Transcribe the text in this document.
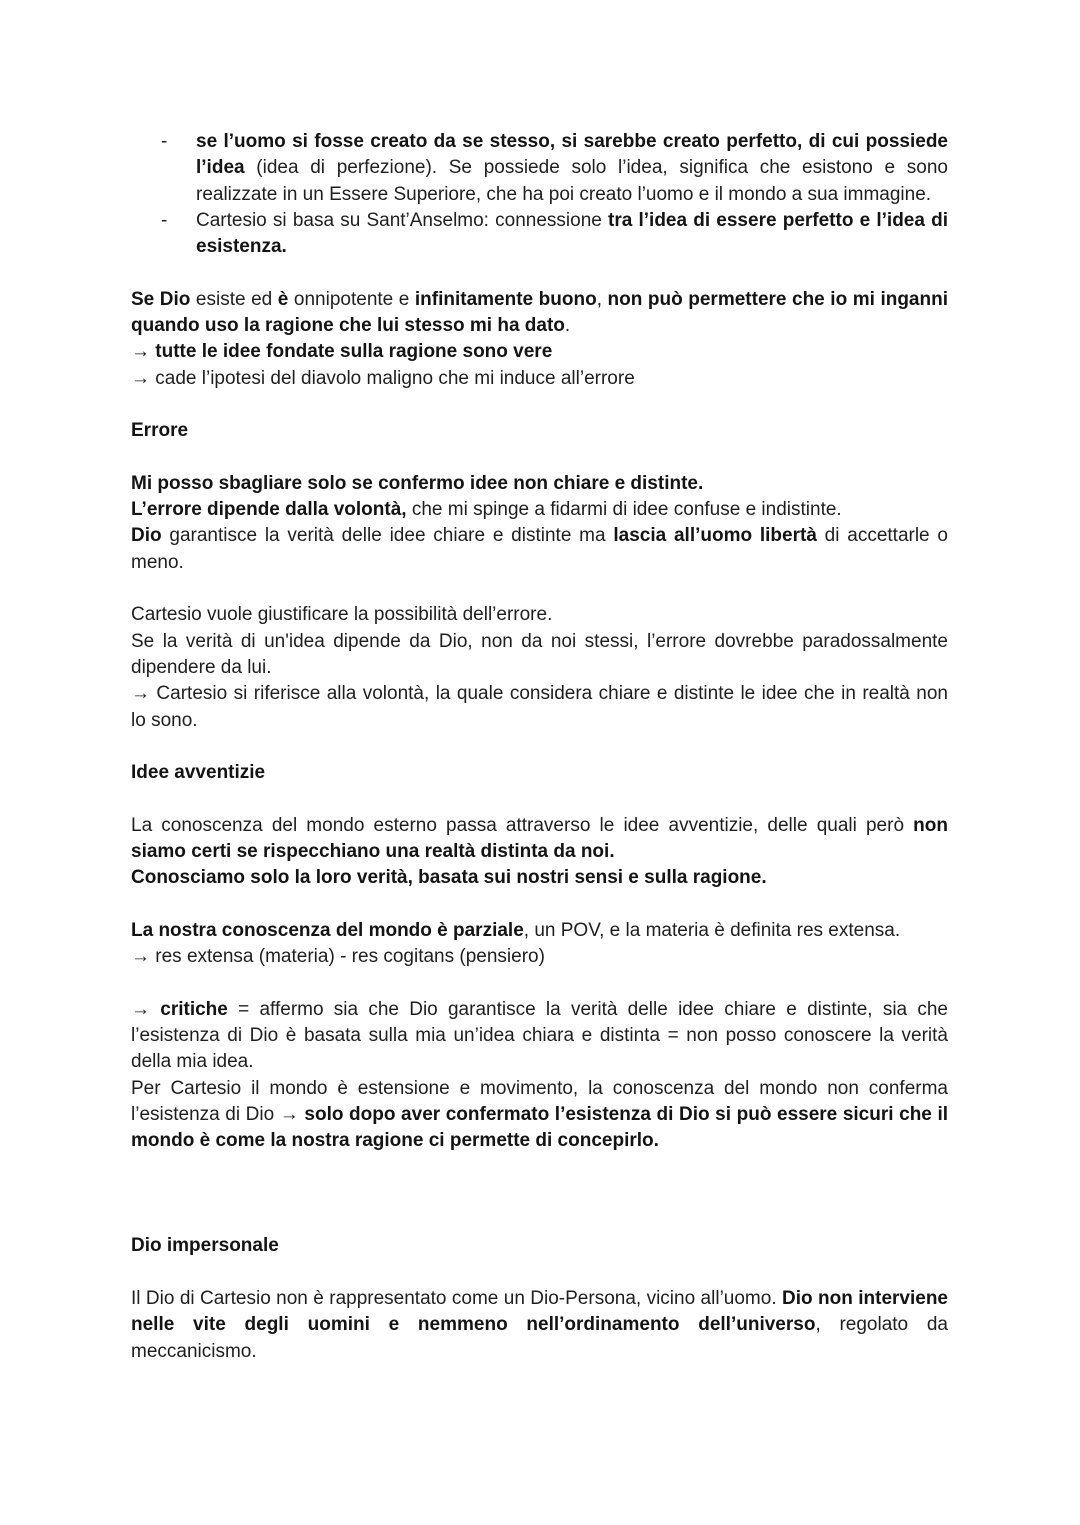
- se l’uomo si fosse creato da se stesso, si sarebbe creato perfetto, di cui possiede l’idea (idea di perfezione). Se possiede solo l’idea, significa che esistono e sono realizzate in un Essere Superiore, che ha poi creato l’uomo e il mondo a sua immagine.
- Cartesio si basa su Sant’Anselmo: connessione tra l’idea di essere perfetto e l’idea di esistenza.

Se Dio esiste ed è onnipotente e infinitamente buono, non può permettere che io mi inganni quando uso la ragione che lui stesso mi ha dato.

→ tutte le idee fondate sulla ragione sono vere

→ cade l’ipotesi del diavolo maligno che mi induce all’errore

Errore

Mi posso sbagliare solo se confermo idee non chiare e distinte.

L’errore dipende dalla volontà, che mi spinge a fidarmi di idee confuse e indistinte.

Dio garantisce la verità delle idee chiare e distinte ma lascia all’uomo libertà di accettarle o meno.

Cartesio vuole giustificare la possibilità dell’errore.

Se la verità di un'idea dipende da Dio, non da noi stessi, l’errore dovrebbe paradossalmente dipendere da lui.

→ Cartesio si riferisce alla volontà, la quale considera chiare e distinte le idee che in realtà non lo sono.

Idee avventizie

La conoscenza del mondo esterno passa attraverso le idee avventizie, delle quali però non siamo certi se rispecchiano una realtà distinta da noi.

Conosciamo solo la loro verità, basata sui nostri sensi e sulla ragione.

La nostra conoscenza del mondo è parziale, un POV, e la materia è definita res extensa.

→ res extensa (materia) - res cogitans (pensiero)

→ critiche = affermo sia che Dio garantisce la verità delle idee chiare e distinte, sia che l’esistenza di Dio è basata sulla mia un’idea chiara e distinta = non posso conoscere la verità della mia idea.

Per Cartesio il mondo è estensione e movimento, la conoscenza del mondo non conferma l’esistenza di Dio → solo dopo aver confermato l’esistenza di Dio si può essere sicuri che il mondo è come la nostra ragione ci permette di concepirlo.

Dio impersonale

Il Dio di Cartesio non è rappresentato come un Dio-Persona, vicino all’uomo. Dio non interviene nelle vite degli uomini e nemmeno nell’ordinamento dell’universo, regolato da meccanicismo.
